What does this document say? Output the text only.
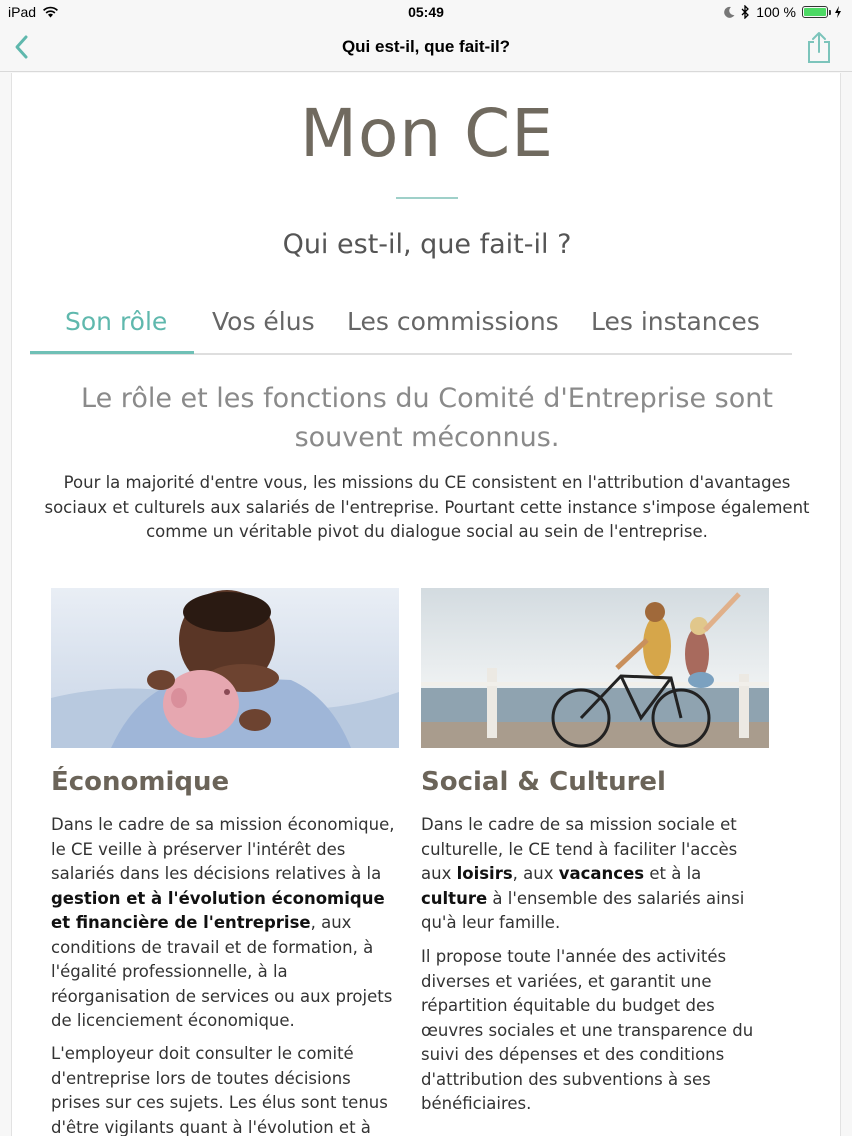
iPad	05:49	100 %
Qui est-il, que fait-il?
Mon CE
Qui est-il, que fait-il ?
Son rôle Vos élus Les commissions Les instances

Le rôle et les fonctions du Comité d'Entreprise sont souvent méconnus.

Pour la majorité d'entre vous, les missions du CE consistent en l'attribution d'avantages sociaux et culturels aux salariés de l'entreprise. Pourtant cette instance s'impose également comme un véritable pivot du dialogue social au sein de l'entreprise.

Économique

Dans le cadre de sa mission économique, le CE veille à préserver l'intérêt des salariés dans les décisions relatives à la gestion et à l'évolution économique et financière de l'entreprise, aux conditions de travail et de formation, à l'égalité professionnelle, à la réorganisation de services ou aux projets de licenciement économique.

L'employeur doit consulter le comité d'entreprise lors de toutes décisions prises sur ces sujets. Les élus sont tenus d'être vigilants quant à l'évolution et à

Social & Culturel

Dans le cadre de sa mission sociale et culturelle, le CE tend à faciliter l'accès aux loisirs, aux vacances et à la culture à l'ensemble des salariés ainsi qu'à leur famille.

Il propose toute l'année des activités diverses et variées, et garantit une répartition équitable du budget des œuvres sociales et une transparence du suivi des dépenses et des conditions d'attribution des subventions à ses bénéficiaires.
